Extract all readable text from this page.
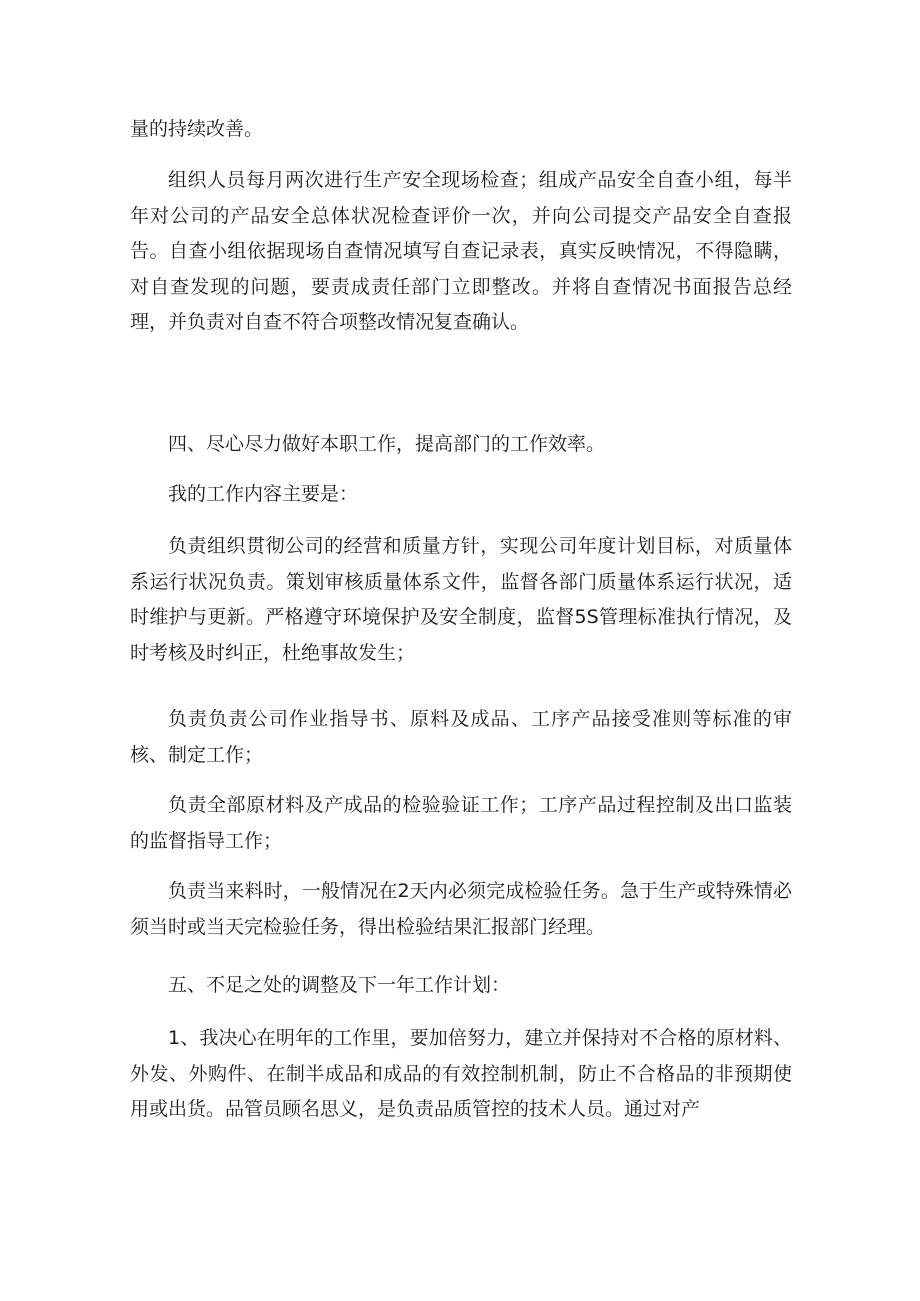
量的持续改善。

组织人员每月两次进行生产安全现场检查；组成产品安全自查小组，每半年对公司的产品安全总体状况检查评价一次，并向公司提交产品安全自查报告。自查小组依据现场自查情况填写自查记录表，真实反映情况，不得隐瞒，对自查发现的问题，要责成责任部门立即整改。并将自查情况书面报告总经理，并负责对自查不符合项整改情况复查确认。

四、尽心尽力做好本职工作，提高部门的工作效率。

我的工作内容主要是：

负责组织贯彻公司的经营和质量方针，实现公司年度计划目标，对质量体系运行状况负责。策划审核质量体系文件，监督各部门质量体系运行状况，适时维护与更新。严格遵守环境保护及安全制度，监督5S管理标准执行情况，及时考核及时纠正，杜绝事故发生；

负责负责公司作业指导书、原料及成品、工序产品接受准则等标准的审核、制定工作；

负责全部原材料及产成品的检验验证工作；工序产品过程控制及出口监装的监督指导工作；

负责当来料时，一般情况在2天内必须完成检验任务。急于生产或特殊情必须当时或当天完检验任务，得出检验结果汇报部门经理。

五、不足之处的调整及下一年工作计划：

1、我决心在明年的工作里，要加倍努力，建立并保持对不合格的原材料、外发、外购件、在制半成品和成品的有效控制机制，防止不合格品的非预期使用或出货。品管员顾名思义，是负责品质管控的技术人员。通过对产
